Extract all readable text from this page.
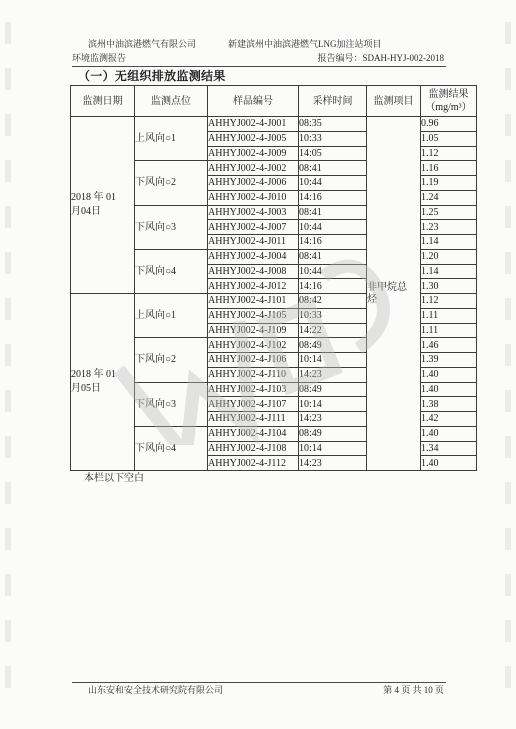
滨州中油滨港燃气有限公司	新建滨州中油滨港燃气LNG加注站项目
环境监测报告	报告编号：SDAH-HYJ-002-2018
（一）无组织排放监测结果
监测日期	监测点位	样品编号	采样时间	监测项目	监测结果
（mg/m³）

2018 年 01
月04日	上风向○1	AHHYJ002-4-J001	08:35	非甲烷总烃	0.96
		AHHYJ002-4-J005	10:33		1.05
		AHHYJ002-4-J009	14:05		1.12
	下风向○2	AHHYJ002-4-J002	08:41		1.16
		AHHYJ002-4-J006	10:44		1.19
		AHHYJ002-4-J010	14:16		1.24
	下风向○3	AHHYJ002-4-J003	08:41		1.25
		AHHYJ002-4-J007	10:44		1.23
		AHHYJ002-4-J011	14:16		1.14
	下风向○4	AHHYJ002-4-J004	08:41		1.20
		AHHYJ002-4-J008	10:44		1.14
		AHHYJ002-4-J012	14:16		1.30

2018 年 01
月05日	上风向○1	AHHYJ002-4-J101	08:42		1.12
		AHHYJ002-4-J105	10:33		1.11
		AHHYJ002-4-J109	14:22		1.11
	下风向○2	AHHYJ002-4-J102	08:49		1.46
		AHHYJ002-4-J106	10:14		1.39
		AHHYJ002-4-J110	14:23		1.40
	下风向○3	AHHYJ002-4-J103	08:49		1.40
		AHHYJ002-4-J107	10:14		1.38
		AHHYJ002-4-J111	14:23		1.42
	下风向○4	AHHYJ002-4-J104	08:49		1.40
		AHHYJ002-4-J108	10:14		1.34
		AHHYJ002-4-J112	14:23		1.40
本栏以下空白
山东安和安全技术研究院有限公司	第 4 页 共 10 页
